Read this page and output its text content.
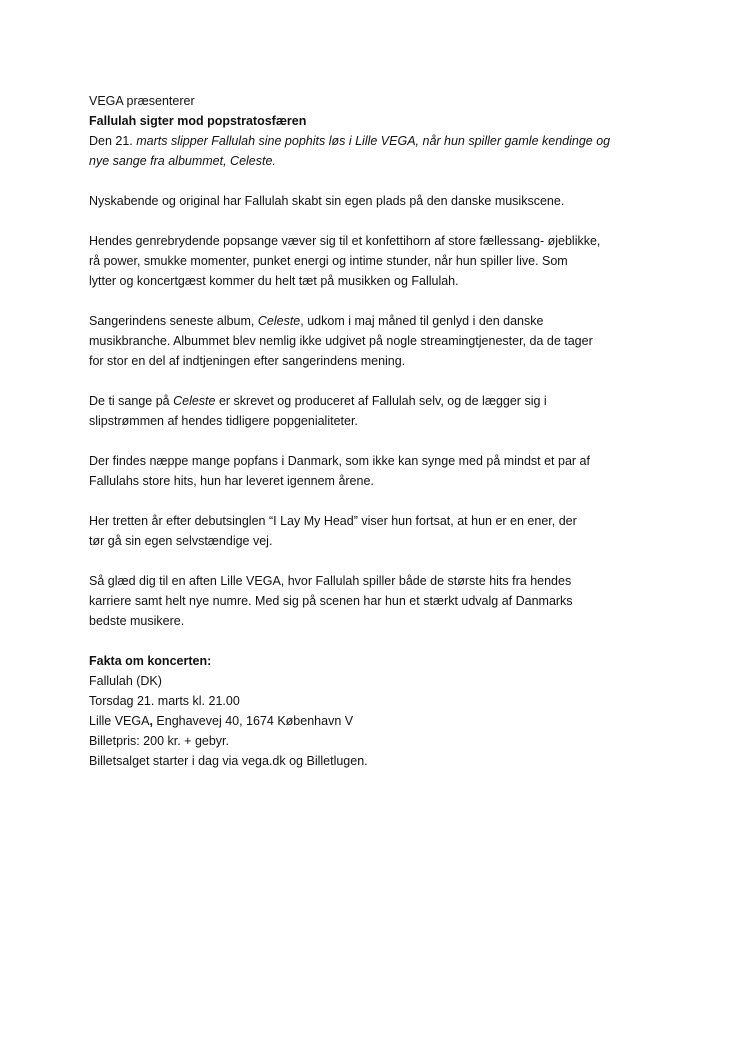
VEGA præsenterer
Fallulah sigter mod popstratosfæren
Den 21. marts slipper Fallulah sine pophits løs i Lille VEGA, når hun spiller gamle kendinge og
nye sange fra albummet, Celeste.
Nyskabende og original har Fallulah skabt sin egen plads på den danske musikscene.
Hendes genrebrydende popsange væver sig til et konfettihorn af store fællessang- øjeblikke,
rå power, smukke momenter, punket energi og intime stunder, når hun spiller live. Som
lytter og koncertgæst kommer du helt tæt på musikken og Fallulah.
Sangerindens seneste album, Celeste, udkom i maj måned til genlyd i den danske
musikbranche. Albummet blev nemlig ikke udgivet på nogle streamingtjenester, da de tager
for stor en del af indtjeningen efter sangerindens mening.
De ti sange på Celeste er skrevet og produceret af Fallulah selv, og de lægger sig i
slipstrømmen af hendes tidligere popgenialiteter.
Der findes næppe mange popfans i Danmark, som ikke kan synge med på mindst et par af
Fallulahs store hits, hun har leveret igennem årene.
Her tretten år efter debutsinglen “I Lay My Head” viser hun fortsat, at hun er en ener, der
tør gå sin egen selvstændige vej.
Så glæd dig til en aften Lille VEGA, hvor Fallulah spiller både de største hits fra hendes
karriere samt helt nye numre. Med sig på scenen har hun et stærkt udvalg af Danmarks
bedste musikere.
Fakta om koncerten:
Fallulah (DK)
Torsdag 21. marts kl. 21.00
Lille VEGA, Enghavevej 40, 1674 København V
Billetpris: 200 kr. + gebyr.
Billetsalget starter i dag via vega.dk og Billetlugen.
